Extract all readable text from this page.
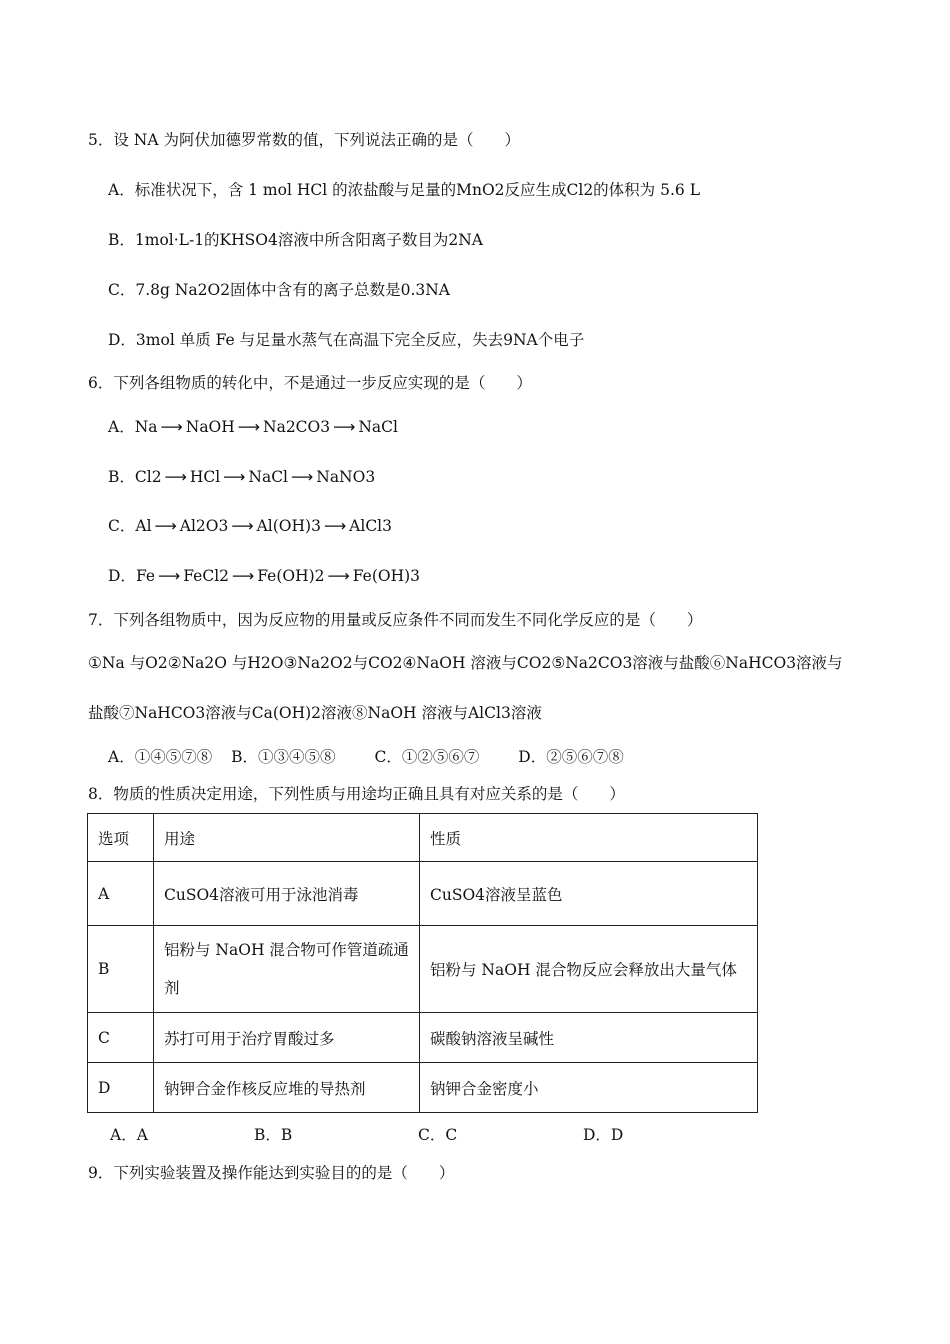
5．设 NA 为阿伏加德罗常数的值，下列说法正确的是（　　）
A．标准状况下，含 1 mol HCl 的浓盐酸与足量的MnO2反应生成Cl2的体积为 5.6 L
B．1mol·L-1的KHSO4溶液中所含阳离子数目为2NA
C．7.8g Na2O2固体中含有的离子总数是0.3NA
D．3mol 单质 Fe 与足量水蒸气在高温下完全反应，失去9NA个电子
6．下列各组物质的转化中，不是通过一步反应实现的是（　　）
A．Na ⟶ NaOH ⟶ Na2CO3 ⟶ NaCl
B．Cl2 ⟶ HCl ⟶ NaCl ⟶ NaNO3
C．Al ⟶ Al2O3 ⟶ Al(OH)3 ⟶ AlCl3
D．Fe ⟶ FeCl2 ⟶ Fe(OH)2 ⟶ Fe(OH)3
7．下列各组物质中，因为反应物的用量或反应条件不同而发生不同化学反应的是（　　）
①Na 与O2②Na2O 与H2O③Na2O2与CO2④NaOH 溶液与CO2⑤Na2CO3溶液与盐酸⑥NaHCO3溶液与
盐酸⑦NaHCO3溶液与Ca(OH)2溶液⑧NaOH 溶液与AlCl3溶液
A．①④⑤⑦⑧ B．①③④⑤⑧	C．①②⑤⑥⑦	D．②⑤⑥⑦⑧
8．物质的性质决定用途，下列性质与用途均正确且具有对应关系的是（　　）
选项	用途	性质
A	CuSO4溶液可用于泳池消毒	CuSO4溶液呈蓝色
B	铝粉与 NaOH 混合物可作管道疏通剂	铝粉与 NaOH 混合物反应会释放出大量气体
C	苏打可用于治疗胃酸过多	碳酸钠溶液呈碱性
D	钠钾合金作核反应堆的导热剂	钠钾合金密度小
A．A	B．B	C．C	D．D
9．下列实验装置及操作能达到实验目的的是（　　）
